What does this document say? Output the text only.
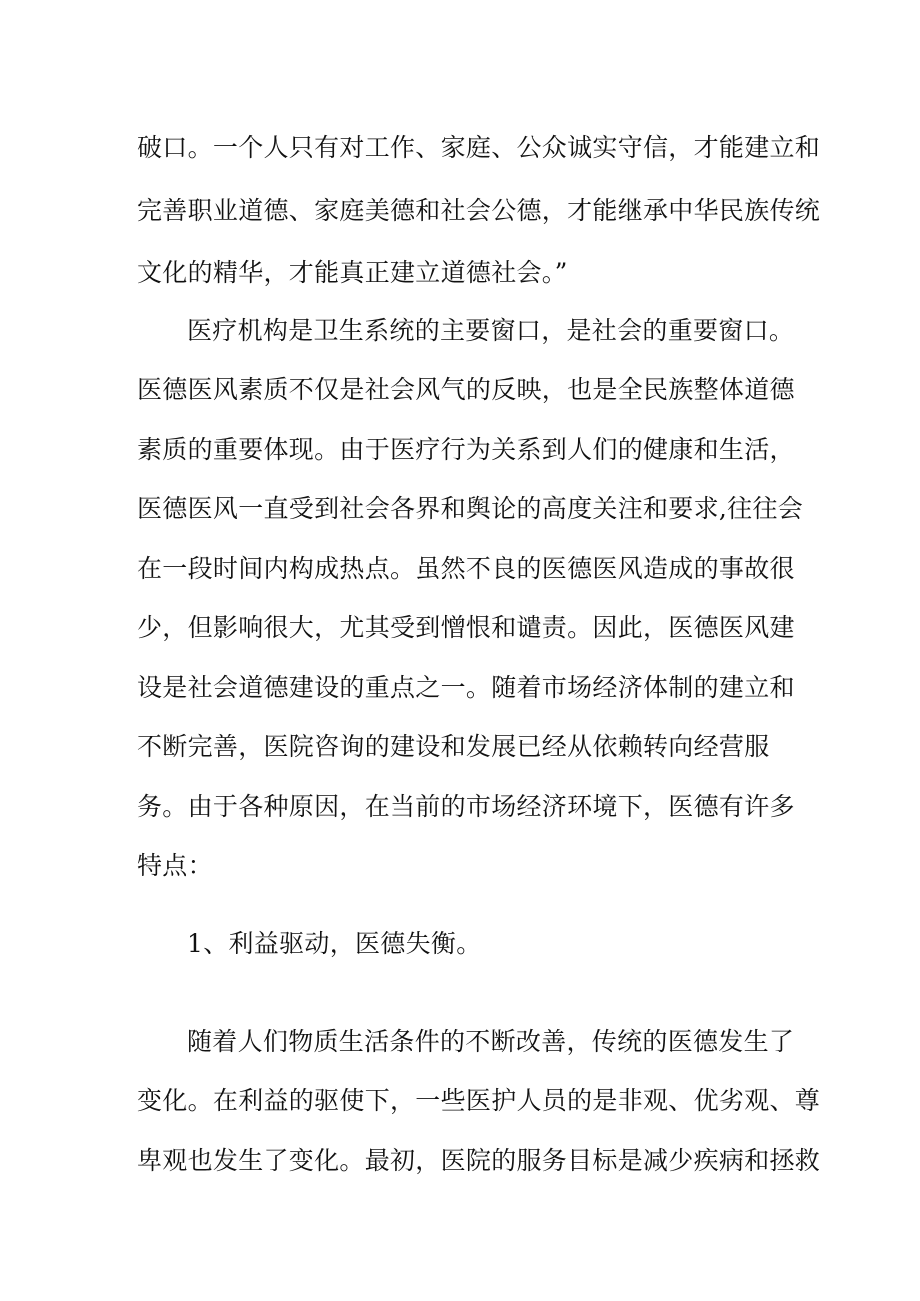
破口。一个人只有对工作、家庭、公众诚实守信，才能建立和
完善职业道德、家庭美德和社会公德，才能继承中华民族传统
文化的精华，才能真正建立道德社会。”
医疗机构是卫生系统的主要窗口，是社会的重要窗口。
医德医风素质不仅是社会风气的反映，也是全民族整体道德
素质的重要体现。由于医疗行为关系到人们的健康和生活，
医德医风一直受到社会各界和舆论的高度关注和要求,往往会
在一段时间内构成热点。虽然不良的医德医风造成的事故很
少，但影响很大，尤其受到憎恨和谴责。因此，医德医风建
设是社会道德建设的重点之一。随着市场经济体制的建立和
不断完善，医院咨询的建设和发展已经从依赖转向经营服
务。由于各种原因，在当前的市场经济环境下，医德有许多
特点：
1、利益驱动，医德失衡。
随着人们物质生活条件的不断改善，传统的医德发生了
变化。在利益的驱使下，一些医护人员的是非观、优劣观、尊
卑观也发生了变化。最初，医院的服务目标是减少疾病和拯救
